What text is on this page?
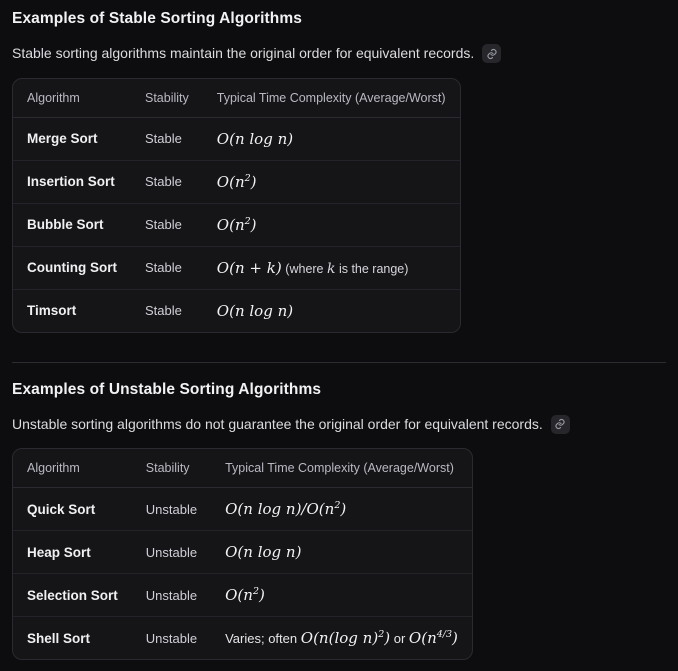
Examples of Stable Sorting Algorithms

Stable sorting algorithms maintain the original order for equivalent records.

Algorithm	Stability	Typical Time Complexity (Average/Worst)
Merge Sort	Stable	O(n log n)
Insertion Sort	Stable	$O(n^2)$
Bubble Sort	Stable	$O(n^2)$
Counting Sort	Stable	O(n + k) (where k is the range)
Timsort	Stable	O(n log n)
Examples of Unstable Sorting Algorithms

Unstable sorting algorithms do not guarantee the original order for equivalent records.

Algorithm	Stability	Typical Time Complexity (Average/Worst)
Quick Sort	Unstable	O(n $\log n)/O(n^2)$
Heap Sort	Unstable	O(n log n)
Selection Sort	Unstable	$O(n^2)$
Shell Sort	Unstable	Varies; often O(n(log n)$^2$) or $O(n^{4/3})$
